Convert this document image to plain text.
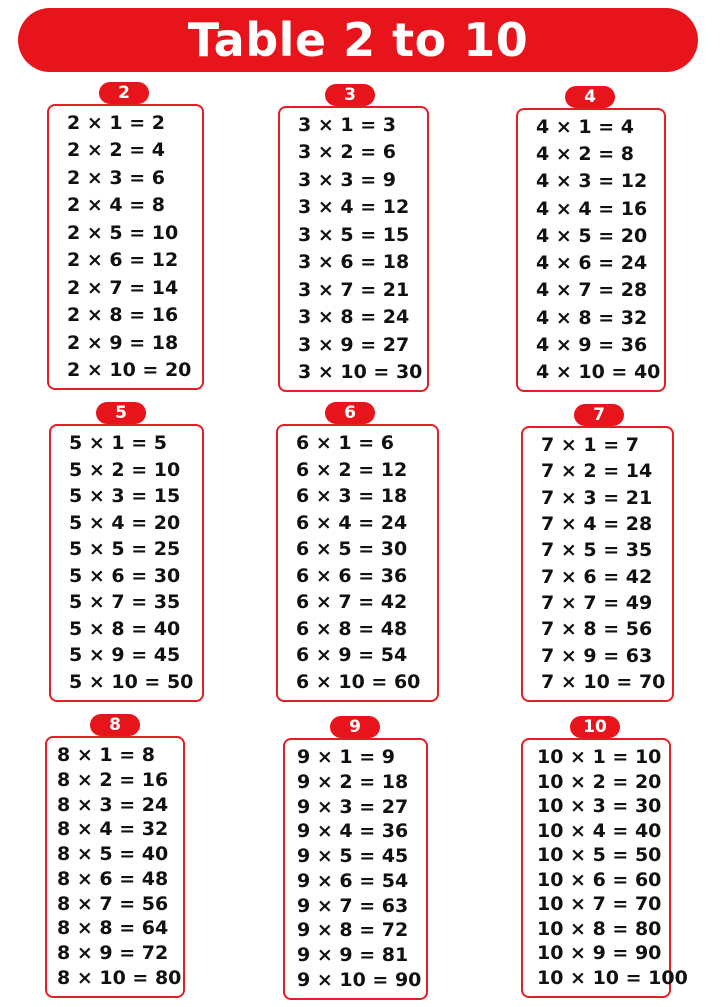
Table 2 to 10
2
2 × 1 = 2
2 × 2 = 4
2 × 3 = 6
2 × 4 = 8
2 × 5 = 10
2 × 6 = 12
2 × 7 = 14
2 × 8 = 16
2 × 9 = 18
2 × 10 = 20
3
3 × 1 = 3
3 × 2 = 6
3 × 3 = 9
3 × 4 = 12
3 × 5 = 15
3 × 6 = 18
3 × 7 = 21
3 × 8 = 24
3 × 9 = 27
3 × 10 = 30
4
4 × 1 = 4
4 × 2 = 8
4 × 3 = 12
4 × 4 = 16
4 × 5 = 20
4 × 6 = 24
4 × 7 = 28
4 × 8 = 32
4 × 9 = 36
4 × 10 = 40
5
5 × 1 = 5
5 × 2 = 10
5 × 3 = 15
5 × 4 = 20
5 × 5 = 25
5 × 6 = 30
5 × 7 = 35
5 × 8 = 40
5 × 9 = 45
5 × 10 = 50
6
6 × 1 = 6
6 × 2 = 12
6 × 3 = 18
6 × 4 = 24
6 × 5 = 30
6 × 6 = 36
6 × 7 = 42
6 × 8 = 48
6 × 9 = 54
6 × 10 = 60
7
7 × 1 = 7
7 × 2 = 14
7 × 3 = 21
7 × 4 = 28
7 × 5 = 35
7 × 6 = 42
7 × 7 = 49
7 × 8 = 56
7 × 9 = 63
7 × 10 = 70
8
8 × 1 = 8
8 × 2 = 16
8 × 3 = 24
8 × 4 = 32
8 × 5 = 40
8 × 6 = 48
8 × 7 = 56
8 × 8 = 64
8 × 9 = 72
8 × 10 = 80
9
9 × 1 = 9
9 × 2 = 18
9 × 3 = 27
9 × 4 = 36
9 × 5 = 45
9 × 6 = 54
9 × 7 = 63
9 × 8 = 72
9 × 9 = 81
9 × 10 = 90
10
10 × 1 = 10
10 × 2 = 20
10 × 3 = 30
10 × 4 = 40
10 × 5 = 50
10 × 6 = 60
10 × 7 = 70
10 × 8 = 80
10 × 9 = 90
10 × 10 = 100
